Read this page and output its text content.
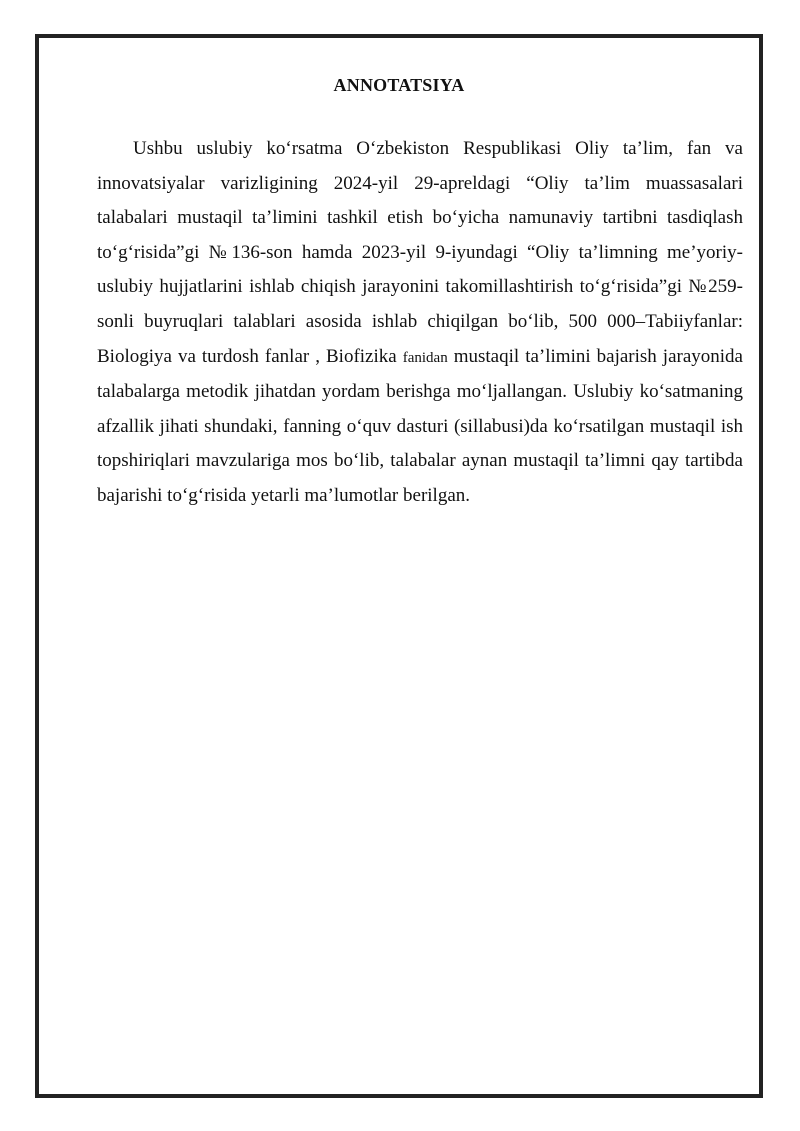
ANNOTATSIYA

Ushbu uslubiy koʻrsatma Oʻzbekiston Respublikasi Oliy taʼlim, fan va innovatsiyalar varizligining 2024-yil 29-apreldagi “Oliy taʼlim muassasalari talabalari mustaqil taʼlimini tashkil etish boʻyicha namunaviy tartibni tasdiqlash toʻgʻrisida”gi №136-son hamda 2023-yil 9-iyundagi “Oliy taʼlimning meʼyoriy-uslubiy hujjatlarini ishlab chiqish jarayonini takomillashtirish toʻgʻrisida”gi №259-sonli buyruqlari talablari asosida ishlab chiqilgan boʻlib, 500 000–Tabiiyfanlar: Biologiya va turdosh fanlar , Biofizika fanidan mustaqil taʼlimini bajarish jarayonida talabalarga metodik jihatdan yordam berishga moʻljallangan. Uslubiy koʻsatmaning afzallik jihati shundaki, fanning oʻquv dasturi (sillabusi)da koʻrsatilgan mustaqil ish topshiriqlari mavzulariga mos boʻlib, talabalar aynan mustaqil taʼlimni qay tartibda bajarishi toʻgʻrisida yetarli maʼlumotlar berilgan.
